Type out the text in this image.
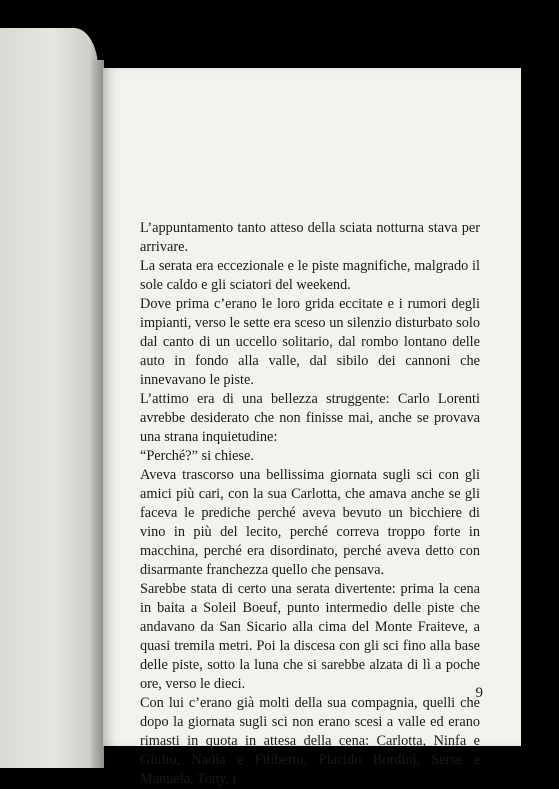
L’appuntamento tanto atteso della sciata notturna stava per arrivare.

La serata era eccezionale e le piste magnifiche, malgrado il sole caldo e gli sciatori del weekend.

Dove prima c’erano le loro grida eccitate e i rumori degli impianti, verso le sette era sceso un silenzio disturbato solo dal canto di un uccello solitario, dal rombo lontano delle auto in fondo alla valle, dal sibilo dei cannoni che innevavano le piste.

L’attimo era di una bellezza struggente: Carlo Lorenti avrebbe desiderato che non finisse mai, anche se provava una strana inquietudine:

“Perché?” si chiese.

Aveva trascorso una bellissima giornata sugli sci con gli amici più cari, con la sua Carlotta, che amava anche se gli faceva le prediche perché aveva bevuto un bicchiere di vino in più del lecito, perché correva troppo forte in macchina, perché era disordinato, perché aveva detto con disarmante franchezza quello che pensava.

Sarebbe stata di certo una serata divertente: prima la cena in baita a Soleil Boeuf, punto intermedio delle piste che andavano da San Sicario alla cima del Monte Fraiteve, a quasi tremila metri. Poi la discesa con gli sci fino alla base delle piste, sotto la luna che si sarebbe alzata di lì a poche ore, verso le dieci.

Con lui c’erano già molti della sua compagnia, quelli che dopo la giornata sugli sci non erano scesi a valle ed erano rimasti in quota in attesa della cena: Carlotta, Ninfa e Giulio, Nadia e Filiberto, Placido Bordini, Serse e Manuela, Tony, i

9
